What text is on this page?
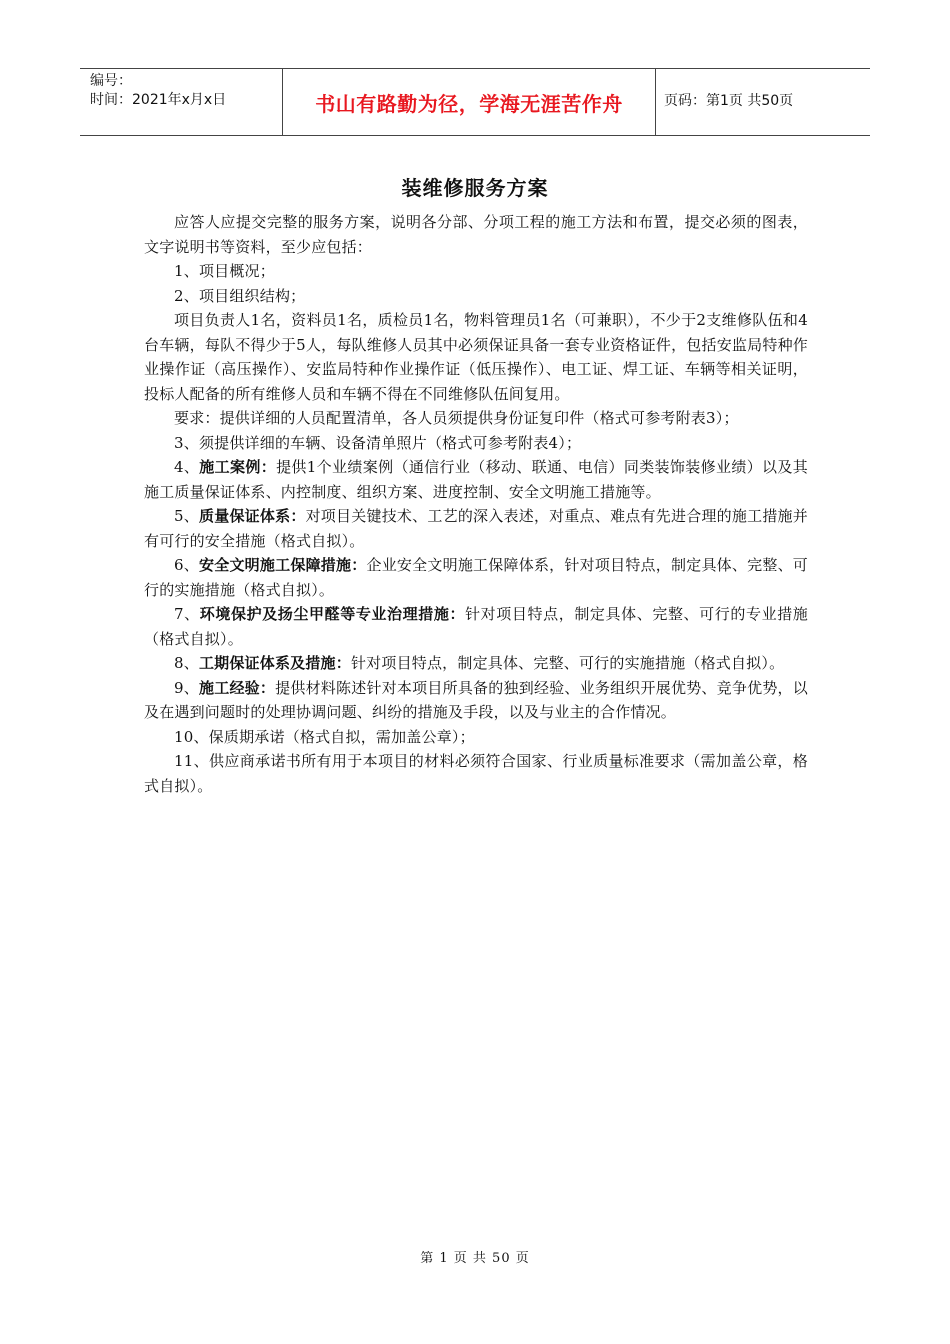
编号：
时间：2021年x月x日	书山有路勤为径，学海无涯苦作舟	页码：第1页 共50页
装维修服务方案

应答人应提交完整的服务方案，说明各分部、分项工程的施工方法和布置，提交必须的图表，文字说明书等资料，至少应包括：

1、项目概况；

2、项目组织结构；

项目负责人1名，资料员1名，质检员1名，物料管理员1名（可兼职），不少于2支维修队伍和4台车辆，每队不得少于5人，每队维修人员其中必须保证具备一套专业资格证件，包括安监局特种作业操作证（高压操作）、安监局特种作业操作证（低压操作）、电工证、焊工证、车辆等相关证明，投标人配备的所有维修人员和车辆不得在不同维修队伍间复用。

要求：提供详细的人员配置清单，各人员须提供身份证复印件（格式可参考附表3）；

3、须提供详细的车辆、设备清单照片（格式可参考附表4）；

4、施工案例：提供1个业绩案例（通信行业（移动、联通、电信）同类装饰装修业绩）以及其施工质量保证体系、内控制度、组织方案、进度控制、安全文明施工措施等。

5、质量保证体系：对项目关键技术、工艺的深入表述，对重点、难点有先进合理的施工措施并有可行的安全措施（格式自拟）。

6、安全文明施工保障措施：企业安全文明施工保障体系，针对项目特点，制定具体、完整、可行的实施措施（格式自拟）。

7、环境保护及扬尘甲醛等专业治理措施：针对项目特点，制定具体、完整、可行的专业措施（格式自拟）。

8、工期保证体系及措施：针对项目特点，制定具体、完整、可行的实施措施（格式自拟）。

9、施工经验：提供材料陈述针对本项目所具备的独到经验、业务组织开展优势、竞争优势，以及在遇到问题时的处理协调问题、纠纷的措施及手段，以及与业主的合作情况。

10、保质期承诺（格式自拟，需加盖公章）；

11、供应商承诺书所有用于本项目的材料必须符合国家、行业质量标准要求（需加盖公章，格式自拟）。

第 1 页 共 50 页
